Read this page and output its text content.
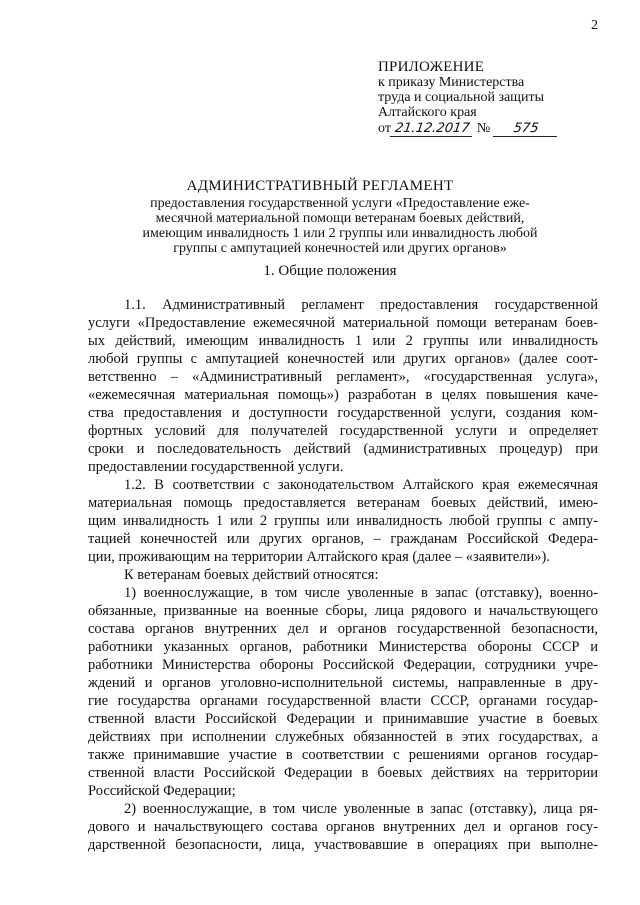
2
ПРИЛОЖЕНИЕ
к приказу Министерства
труда и социальной защиты
Алтайского края
от 21.12.2017 № 575
АДМИНИСТРАТИВНЫЙ РЕГЛАМЕНТ
предоставления государственной услуги «Предоставление еже-
месячной материальной помощи ветеранам боевых действий,
имеющим инвалидность 1 или 2 группы или инвалидность любой
группы с ампутацией конечностей или других органов»
1. Общие положения
1.1. Административный регламент предоставления государственной
услуги «Предоставление ежемесячной материальной помощи ветеранам боев-
ых действий, имеющим инвалидность 1 или 2 группы или инвалидность
любой группы с ампутацией конечностей или других органов» (далее соот-
ветственно – «Административный регламент», «государственная услуга»,
«ежемесячная материальная помощь») разработан в целях повышения каче-
ства предоставления и доступности государственной услуги, создания ком-
фортных условий для получателей государственной услуги и определяет
сроки и последовательность действий (административных процедур) при
предоставлении государственной услуги.
1.2. В соответствии с законодательством Алтайского края ежемесячная
материальная помощь предоставляется ветеранам боевых действий, имею-
щим инвалидность 1 или 2 группы или инвалидность любой группы с ампу-
тацией конечностей или других органов, – гражданам Российской Федера-
ции, проживающим на территории Алтайского края (далее – «заявители»).
К ветеранам боевых действий относятся:
1) военнослужащие, в том числе уволенные в запас (отставку), военно-
обязанные, призванные на военные сборы, лица рядового и начальствующего
состава органов внутренних дел и органов государственной безопасности,
работники указанных органов, работники Министерства обороны СССР и
работники Министерства обороны Российской Федерации, сотрудники учре-
ждений и органов уголовно-исполнительной системы, направленные в дру-
гие государства органами государственной власти СССР, органами государ-
ственной власти Российской Федерации и принимавшие участие в боевых
действиях при исполнении служебных обязанностей в этих государствах, а
также принимавшие участие в соответствии с решениями органов государ-
ственной власти Российской Федерации в боевых действиях на территории
Российской Федерации;
2) военнослужащие, в том числе уволенные в запас (отставку), лица ря-
дового и начальствующего состава органов внутренних дел и органов госу-
дарственной безопасности, лица, участвовавшие в операциях при выполне-
